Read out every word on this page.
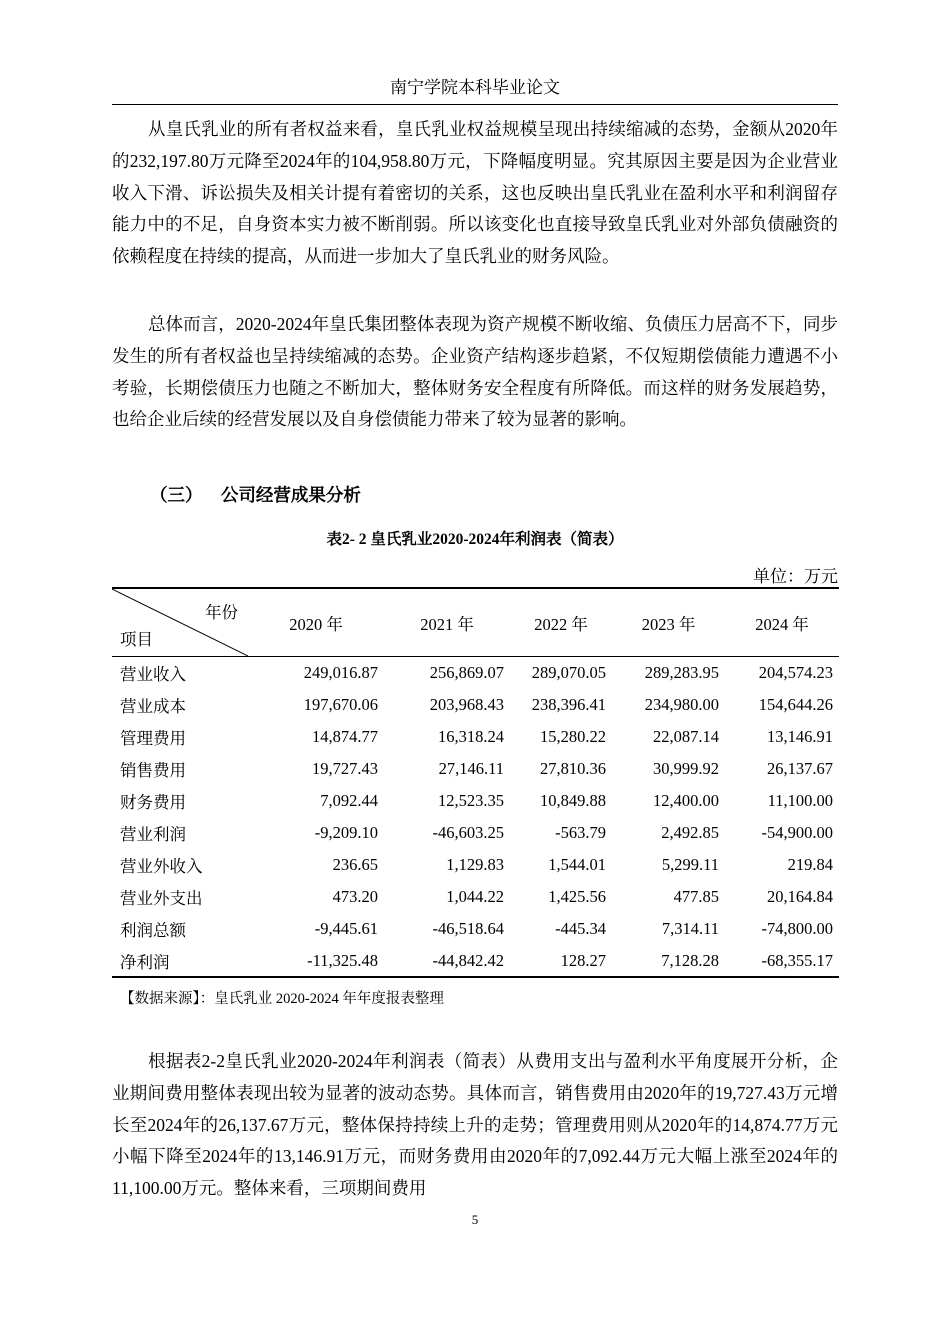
南宁学院本科毕业论文

从皇氏乳业的所有者权益来看，皇氏乳业权益规模呈现出持续缩减的态势，金额从2020年的232,197.80万元降至2024年的104,958.80万元，下降幅度明显。究其原因主要是因为企业营业收入下滑、诉讼损失及相关计提有着密切的关系，这也反映出皇氏乳业在盈利水平和利润留存能力中的不足，自身资本实力被不断削弱。所以该变化也直接导致皇氏乳业对外部负债融资的依赖程度在持续的提高，从而进一步加大了皇氏乳业的财务风险。

总体而言，2020-2024年皇氏集团整体表现为资产规模不断收缩、负债压力居高不下，同步发生的所有者权益也呈持续缩减的态势。企业资产结构逐步趋紧，不仅短期偿债能力遭遇不小考验，长期偿债压力也随之不断加大，整体财务安全程度有所降低。而这样的财务发展趋势，也给企业后续的经营发展以及自身偿债能力带来了较为显著的影响。

（三） 公司经营成果分析
表2- 2 皇氏乳业2020-2024年利润表（简表）
单位：万元
年份
项目	2020 年	2021 年	2022 年	2023 年	2024 年
营业收入	249,016.87	256,869.07	289,070.05	289,283.95	204,574.23
营业成本	197,670.06	203,968.43	238,396.41	234,980.00	154,644.26
管理费用	14,874.77	16,318.24	15,280.22	22,087.14	13,146.91
销售费用	19,727.43	27,146.11	27,810.36	30,999.92	26,137.67
财务费用	7,092.44	12,523.35	10,849.88	12,400.00	11,100.00
营业利润	-9,209.10	-46,603.25	-563.79	2,492.85	-54,900.00
营业外收入	236.65	1,129.83	1,544.01	5,299.11	219.84
营业外支出	473.20	1,044.22	1,425.56	477.85	20,164.84
利润总额	-9,445.61	-46,518.64	-445.34	7,314.11	-74,800.00
净利润	-11,325.48	-44,842.42	128.27	7,128.28	-68,355.17
【数据来源】：皇氏乳业 2020-2024 年年度报表整理

根据表2-2皇氏乳业2020-2024年利润表（简表）从费用支出与盈利水平角度展开分析，企业期间费用整体表现出较为显著的波动态势。具体而言，销售费用由2020年的19,727.43万元增长至2024年的26,137.67万元，整体保持持续上升的走势；管理费用则从2020年的14,874.77万元小幅下降至2024年的13,146.91万元，而财务费用由2020年的7,092.44万元大幅上涨至2024年的11,100.00万元。整体来看，三项期间费用

5
